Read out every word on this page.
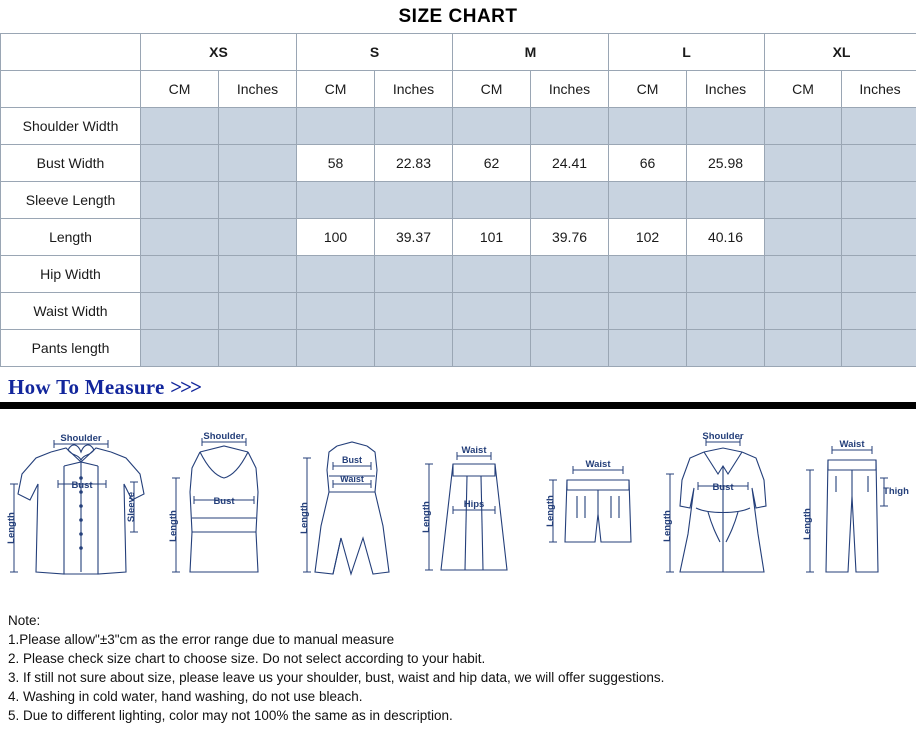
SIZE CHART
	XS		S		M		L		XL	
	CM	Inches	CM	Inches	CM	Inches	CM	Inches	CM	Inches
Shoulder Width										
Bust Width			58	22.83	62	24.41	66	25.98		
Sleeve Length										
Length			100	39.37	101	39.76	102	40.16		
Hip Width										
Waist Width										
Pants length										
How To Measure >>>
Shoulder
Bust
Length
Sleeve
Shoulder
Bust
Length
Bust
Waist
Length
Waist
Hips
Length
Waist
Length
Shoulder
Bust
Length
Waist
Thigh
Length
Note:
1.Please allow"±3"cm as the error range due to manual measure
2. Please check size chart to choose size. Do not select according to your habit.
3. If still not sure about size, please leave us your shoulder, bust, waist and hip data, we will offer suggestions.
4. Washing in cold water, hand washing, do not use bleach.
5. Due to different lighting, color may not 100% the same as in description.
